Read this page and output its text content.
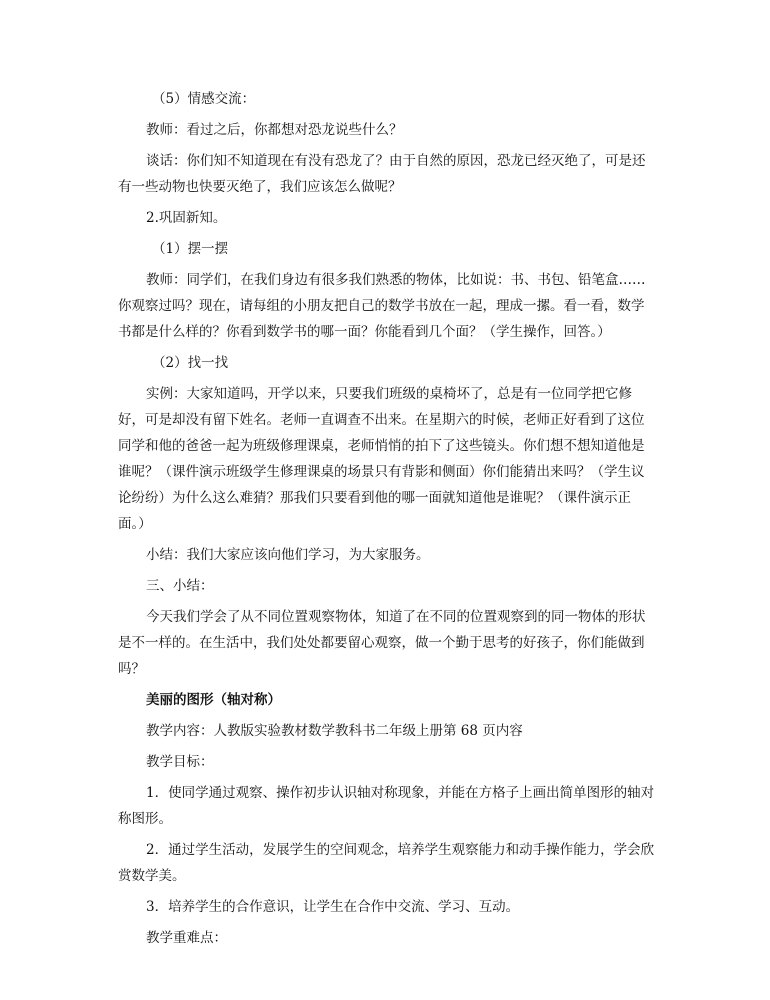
（5）情感交流：

教师：看过之后，你都想对恐龙说些什么？

谈话：你们知不知道现在有没有恐龙了？由于自然的原因，恐龙已经灭绝了，可是还

有一些动物也快要灭绝了，我们应该怎么做呢？

2.巩固新知。

（1）摆一摆

教师：同学们，在我们身边有很多我们熟悉的物体，比如说：书、书包、铅笔盒……

你观察过吗？现在，请每组的小朋友把自己的数学书放在一起，理成一摞。看一看，数学

书都是什么样的？你看到数学书的哪一面？你能看到几个面？（学生操作，回答。）

（2）找一找

实例：大家知道吗，开学以来，只要我们班级的桌椅坏了，总是有一位同学把它修

好，可是却没有留下姓名。老师一直调查不出来。在星期六的时候，老师正好看到了这位

同学和他的爸爸一起为班级修理课桌，老师悄悄的拍下了这些镜头。你们想不想知道他是

谁呢？（课件演示班级学生修理课桌的场景只有背影和侧面）你们能猜出来吗？（学生议

论纷纷）为什么这么难猜？那我们只要看到他的哪一面就知道他是谁呢？（课件演示正

面。）

小结：我们大家应该向他们学习，为大家服务。

三、小结：

今天我们学会了从不同位置观察物体，知道了在不同的位置观察到的同一物体的形状

是不一样的。在生活中，我们处处都要留心观察，做一个勤于思考的好孩子，你们能做到

吗？

美丽的图形（轴对称）

教学内容：人教版实验教材数学教科书二年级上册第 68 页内容

教学目标：

1．使同学通过观察、操作初步认识轴对称现象，并能在方格子上画出简单图形的轴对

称图形。

2．通过学生活动，发展学生的空间观念，培养学生观察能力和动手操作能力，学会欣

赏数学美。

3．培养学生的合作意识，让学生在合作中交流、学习、互动。

教学重难点：
